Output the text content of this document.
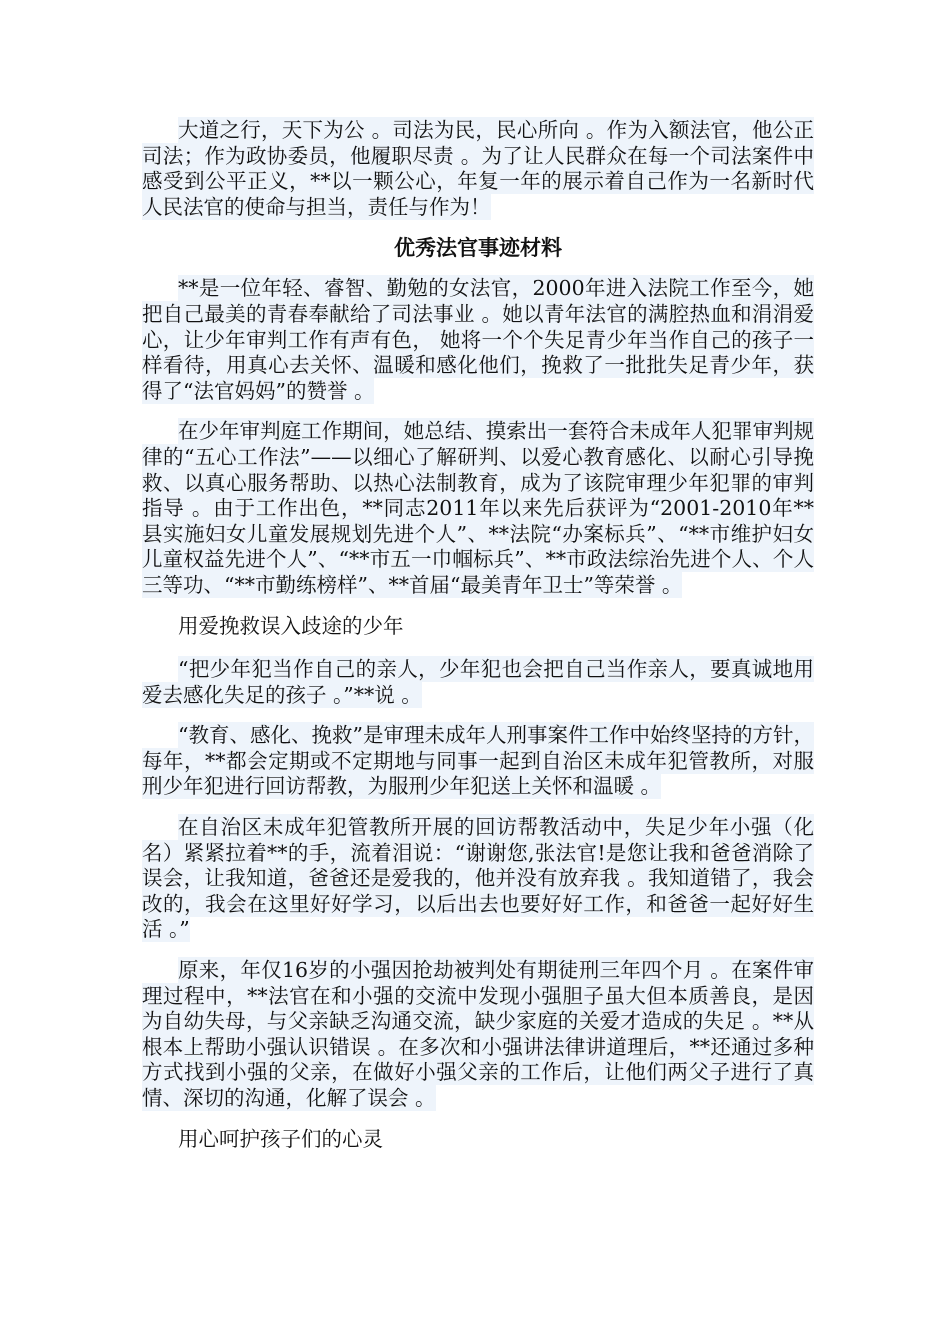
大道之行，天下为公 。司法为民，民心所向 。作为入额法官，他公正司法；作为政协委员，他履职尽责 。为了让人民群众在每一个司法案件中感受到公平正义，**以一颗公心，年复一年的展示着自己作为一名新时代人民法官的使命与担当，责任与作为！

优秀法官事迹材料

**是一位年轻、睿智、勤勉的女法官，2000年进入法院工作至今，她把自己最美的青春奉献给了司法事业 。她以青年法官的满腔热血和涓涓爱心，让少年审判工作有声有色， 她将一个个失足青少年当作自己的孩子一样看待，用真心去关怀、温暖和感化他们，挽救了一批批失足青少年，获得了“法官妈妈”的赞誉 。

在少年审判庭工作期间，她总结、摸索出一套符合未成年人犯罪审判规律的“五心工作法”——以细心了解研判、以爱心教育感化、以耐心引导挽救、以真心服务帮助、以热心法制教育，成为了该院审理少年犯罪的审判指导 。由于工作出色，**同志2011年以来先后获评为“2001-2010年**县实施妇女儿童发展规划先进个人”、**法院“办案标兵”、“**市维护妇女儿童权益先进个人”、“**市五一巾帼标兵”、**市政法综治先进个人、个人三等功、“**市勤练榜样”、**首届“最美青年卫士”等荣誉 。

用爱挽救误入歧途的少年

“把少年犯当作自己的亲人，少年犯也会把自己当作亲人，要真诚地用爱去感化失足的孩子 。”**说 。

“教育、感化、挽救”是审理未成年人刑事案件工作中始终坚持的方针，每年，**都会定期或不定期地与同事一起到自治区未成年犯管教所，对服刑少年犯进行回访帮教，为服刑少年犯送上关怀和温暖 。

在自治区未成年犯管教所开展的回访帮教活动中，失足少年小强（化名）紧紧拉着**的手，流着泪说：“谢谢您,张法官!是您让我和爸爸消除了误会，让我知道，爸爸还是爱我的，他并没有放弃我 。我知道错了，我会改的，我会在这里好好学习，以后出去也要好好工作，和爸爸一起好好生活 。”

原来，年仅16岁的小强因抢劫被判处有期徒刑三年四个月 。在案件审理过程中，**法官在和小强的交流中发现小强胆子虽大但本质善良，是因为自幼失母，与父亲缺乏沟通交流，缺少家庭的关爱才造成的失足 。**从根本上帮助小强认识错误 。在多次和小强讲法律讲道理后，**还通过多种方式找到小强的父亲，在做好小强父亲的工作后，让他们两父子进行了真情、深切的沟通，化解了误会 。

用心呵护孩子们的心灵
